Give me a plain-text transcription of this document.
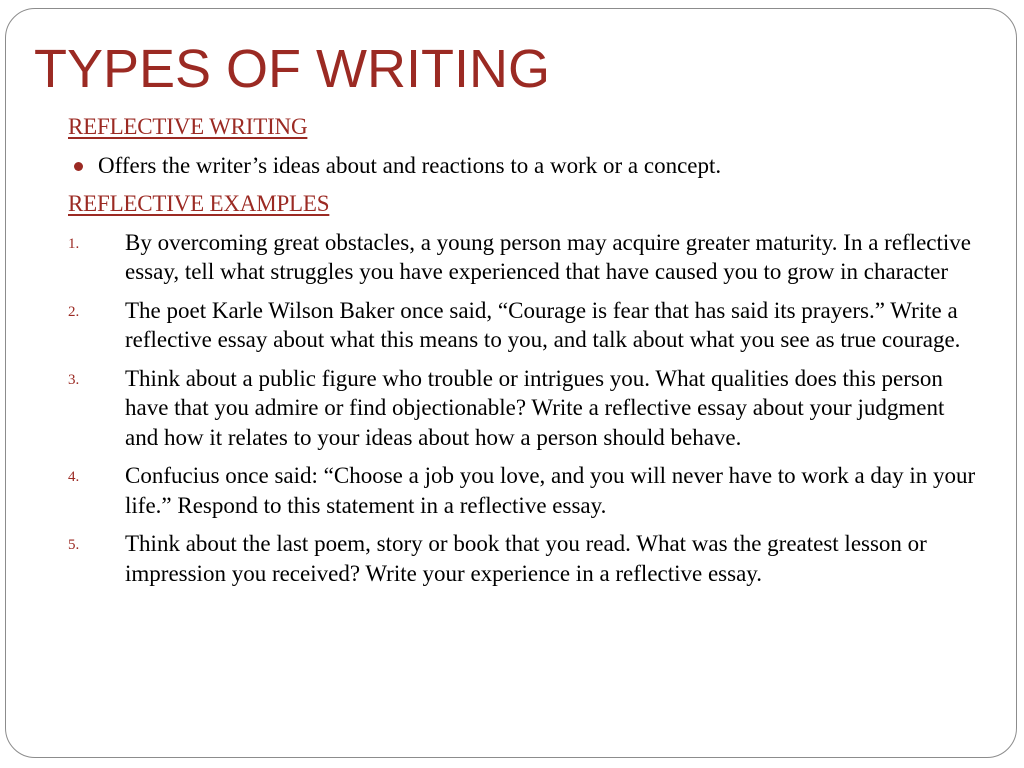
TYPES OF WRITING
REFLECTIVE WRITING
Offers the writer’s ideas about and reactions to a work or a concept.
REFLECTIVE EXAMPLES
1. By overcoming great obstacles, a young person may acquire greater maturity. In a reflective essay, tell what struggles you have experienced that have caused you to grow in character
2. The poet Karle Wilson Baker once said, “Courage is fear that has said its prayers.” Write a reflective essay about what this means to you, and talk about what you see as true courage.
3. Think about a public figure who trouble or intrigues you. What qualities does this person have that you admire or find objectionable? Write a reflective essay about your judgment and how it relates to your ideas about how a person should behave.
4. Confucius once said: “Choose a job you love, and you will never have to work a day in your life.” Respond to this statement in a reflective essay.
5. Think about the last poem, story or book that you read. What was the greatest lesson or impression you received? Write your experience in a reflective essay.
